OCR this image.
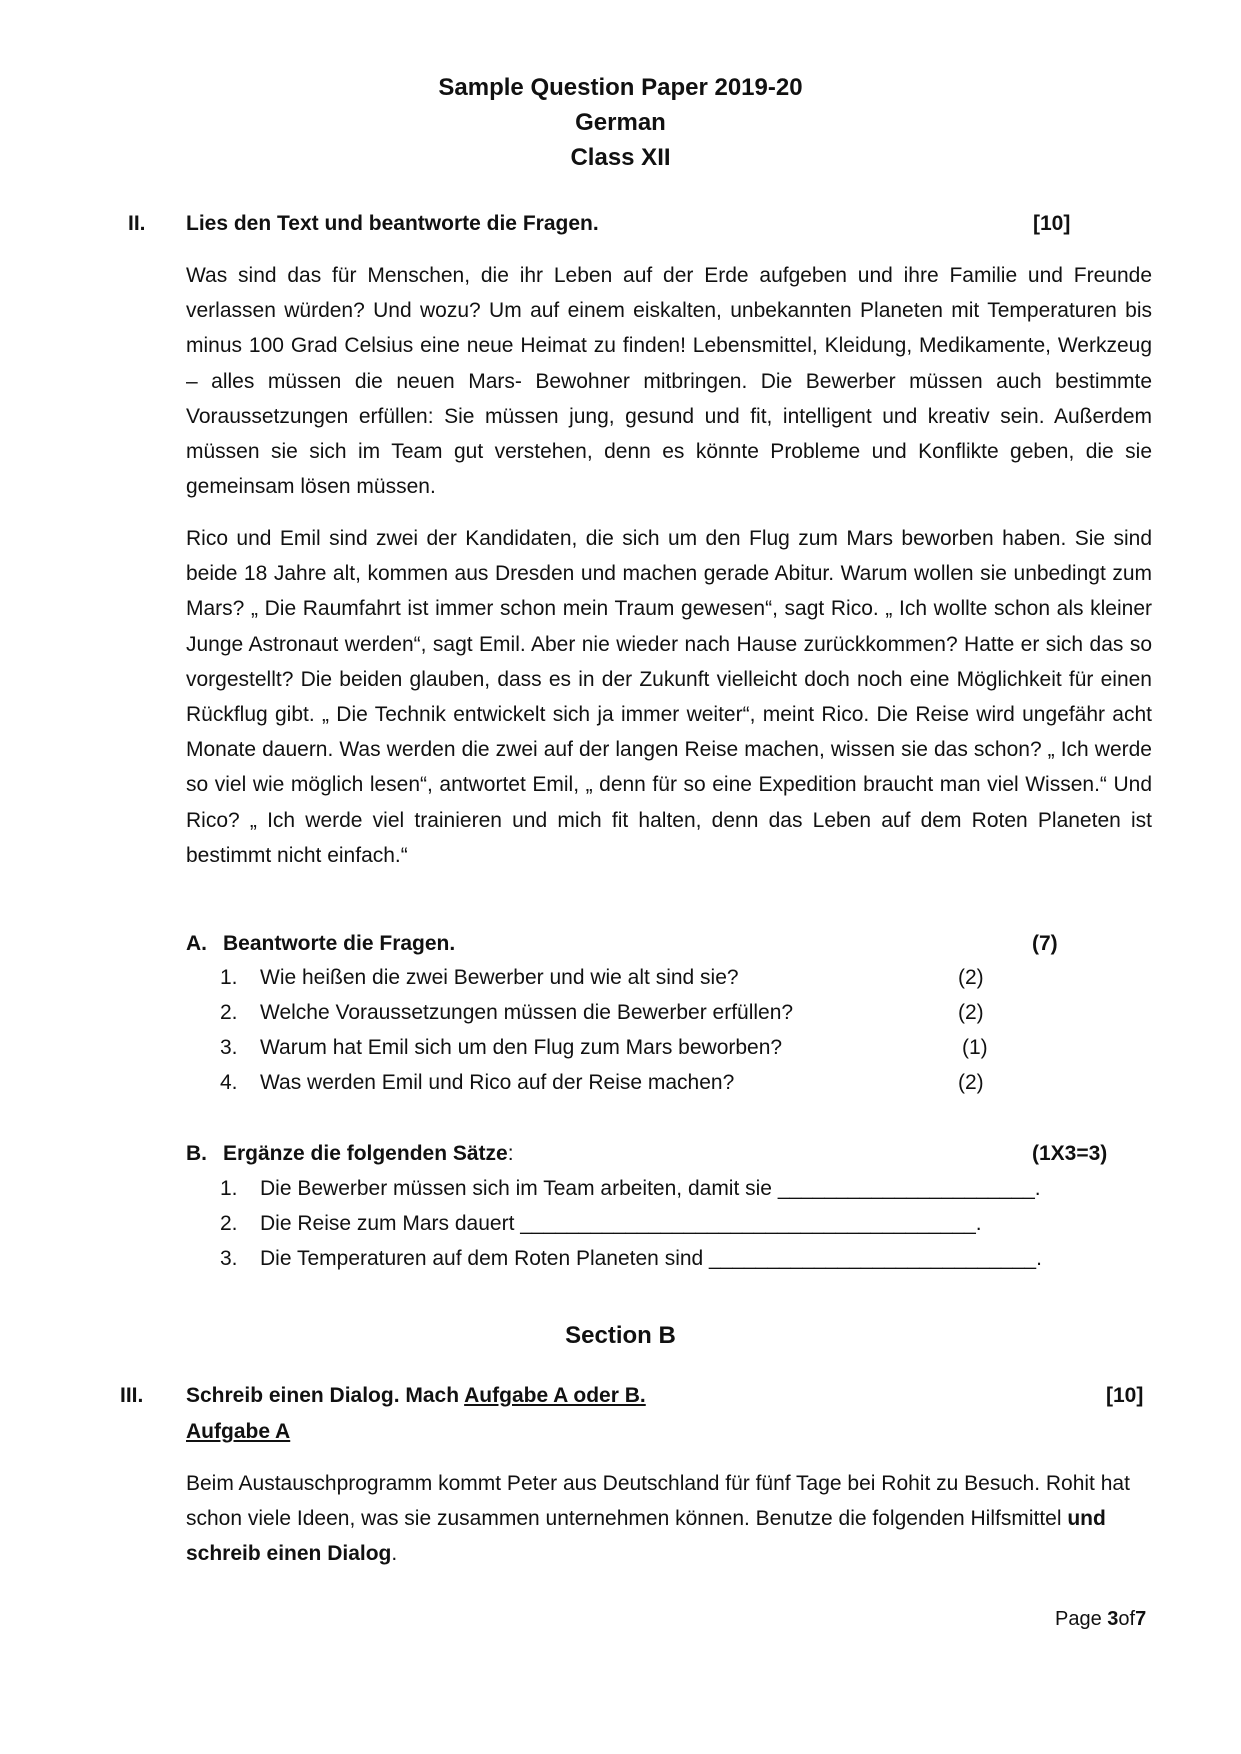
Sample Question Paper 2019-20
German
Class XII
II. Lies den Text und beantworte die Fragen.	[10]

Was sind das für Menschen, die ihr Leben auf der Erde aufgeben und ihre Familie und Freunde verlassen würden? Und wozu? Um auf einem eiskalten, unbekannten Planeten mit Temperaturen bis minus 100 Grad Celsius eine neue Heimat zu finden! Lebensmittel, Kleidung, Medikamente, Werkzeug – alles müssen die neuen Mars- Bewohner mitbringen. Die Bewerber müssen auch bestimmte Voraussetzungen erfüllen: Sie müssen jung, gesund und fit, intelligent und kreativ sein. Außerdem müssen sie sich im Team gut verstehen, denn es könnte Probleme und Konflikte geben, die sie gemeinsam lösen müssen.

Rico und Emil sind zwei der Kandidaten, die sich um den Flug zum Mars beworben haben. Sie sind beide 18 Jahre alt, kommen aus Dresden und machen gerade Abitur. Warum wollen sie unbedingt zum Mars? „ Die Raumfahrt ist immer schon mein Traum gewesen“, sagt Rico. „ Ich wollte schon als kleiner Junge Astronaut werden“, sagt Emil. Aber nie wieder nach Hause zurückkommen? Hatte er sich das so vorgestellt? Die beiden glauben, dass es in der Zukunft vielleicht doch noch eine Möglichkeit für einen Rückflug gibt. „ Die Technik entwickelt sich ja immer weiter“, meint Rico. Die Reise wird ungefähr acht Monate dauern. Was werden die zwei auf der langen Reise machen, wissen sie das schon? „ Ich werde so viel wie möglich lesen“, antwortet Emil, „ denn für so eine Expedition braucht man viel Wissen.“ Und Rico? „ Ich werde viel trainieren und mich fit halten, denn das Leben auf dem Roten Planeten ist bestimmt nicht einfach.“

A. Beantworte die Fragen.	(7)
1. Wie heißen die zwei Bewerber und wie alt sind sie?	(2)
2. Welche Voraussetzungen müssen die Bewerber erfüllen?	(2)
3. Warum hat Emil sich um den Flug zum Mars beworben?	(1)
4. Was werden Emil und Rico auf der Reise machen?	(2)
B. Ergänze die folgenden Sätze:	(1X3=3)
1. Die Bewerber müssen sich im Team arbeiten, damit sie ______________________.
2. Die Reise zum Mars dauert _______________________________________.
3. Die Temperaturen auf dem Roten Planeten sind ____________________________.
Section B
III. Schreib einen Dialog. Mach Aufgabe A oder B.	[10]
Aufgabe A

Beim Austauschprogramm kommt Peter aus Deutschland für fünf Tage bei Rohit zu Besuch. Rohit hat schon viele Ideen, was sie zusammen unternehmen können. Benutze die folgenden Hilfsmittel und schreib einen Dialog.

Page 3of7
